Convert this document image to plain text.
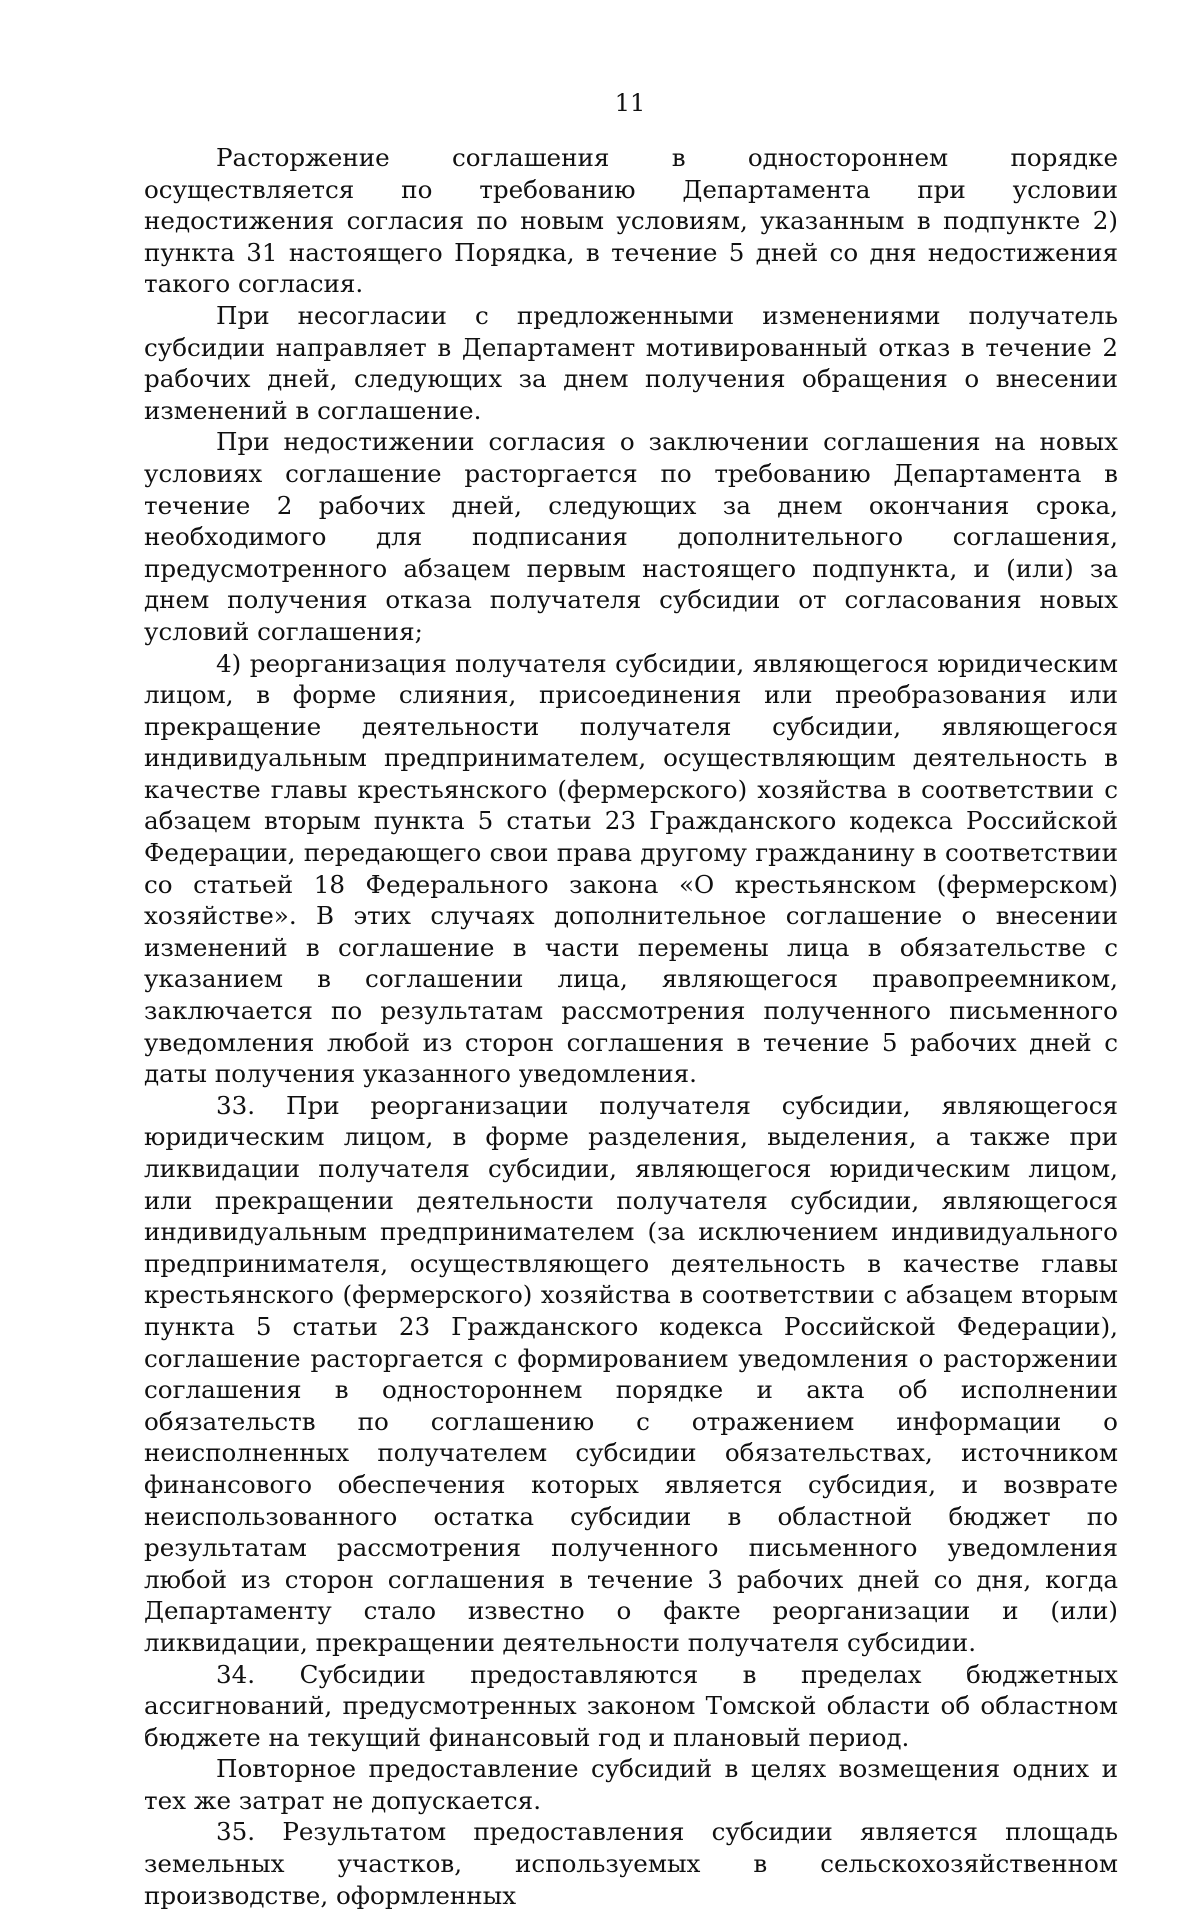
11

Расторжение соглашения в одностороннем порядке осуществляется по требованию Департамента при условии недостижения согласия по новым условиям, указанным в подпункте 2) пункта 31 настоящего Порядка, в течение 5 дней со дня недостижения такого согласия.

При несогласии с предложенными изменениями получатель субсидии направляет в Департамент мотивированный отказ в течение 2 рабочих дней, следующих за днем получения обращения о внесении изменений в соглашение.

При недостижении согласия о заключении соглашения на новых условиях соглашение расторгается по требованию Департамента в течение 2 рабочих дней, следующих за днем окончания срока, необходимого для подписания дополнительного соглашения, предусмотренного абзацем первым настоящего подпункта, и (или) за днем получения отказа получателя субсидии от согласования новых условий соглашения;

4) реорганизация получателя субсидии, являющегося юридическим лицом, в форме слияния, присоединения или преобразования или прекращение деятельности получателя субсидии, являющегося индивидуальным предпринимателем, осуществляющим деятельность в качестве главы крестьянского (фермерского) хозяйства в соответствии с абзацем вторым пункта 5 статьи 23 Гражданского кодекса Российской Федерации, передающего свои права другому гражданину в соответствии со статьей 18 Федерального закона «О крестьянском (фермерском) хозяйстве». В этих случаях дополнительное соглашение о внесении изменений в соглашение в части перемены лица в обязательстве с указанием в соглашении лица, являющегося правопреемником, заключается по результатам рассмотрения полученного письменного уведомления любой из сторон соглашения в течение 5 рабочих дней с даты получения указанного уведомления.

33. При реорганизации получателя субсидии, являющегося юридическим лицом, в форме разделения, выделения, а также при ликвидации получателя субсидии, являющегося юридическим лицом, или прекращении деятельности получателя субсидии, являющегося индивидуальным предпринимателем (за исключением индивидуального предпринимателя, осуществляющего деятельность в качестве главы крестьянского (фермерского) хозяйства в соответствии с абзацем вторым пункта 5 статьи 23 Гражданского кодекса Российской Федерации), соглашение расторгается с формированием уведомления о расторжении соглашения в одностороннем порядке и акта об исполнении обязательств по соглашению с отражением информации о неисполненных получателем субсидии обязательствах, источником финансового обеспечения которых является субсидия, и возврате неиспользованного остатка субсидии в областной бюджет по результатам рассмотрения полученного письменного уведомления любой из сторон соглашения в течение 3 рабочих дней со дня, когда Департаменту стало известно о факте реорганизации и (или) ликвидации, прекращении деятельности получателя субсидии.

34. Субсидии предоставляются в пределах бюджетных ассигнований, предусмотренных законом Томской области об областном бюджете на текущий финансовый год и плановый период.

Повторное предоставление субсидий в целях возмещения одних и тех же затрат не допускается.

35. Результатом предоставления субсидии является площадь земельных участков, используемых в сельскохозяйственном производстве, оформленных
